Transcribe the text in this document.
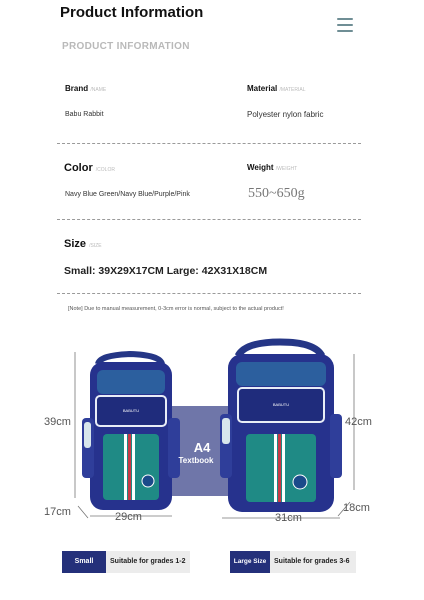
Product Information
PRODUCT INFORMATION
Brand /NAME
Babu Rabbit
Material /MATERIAL
Polyester nylon fabric
Color /COLOR
Navy Blue Green/Navy Blue/Purple/Pink
Weight /WEIGHT
550~650g
Size /SIZE
Small: 39X29X17CM Large: 42X31X18CM
[Note] Due to manual measurement, 0-3cm error is normal, subject to the actual product!
BABUTU
BABUTU
A4
Textbook
39cm
17cm	29cm
42cm
18cm
31cm
Small	Suitable for grades 1-2	Large Size	Suitable for grades 3-6
